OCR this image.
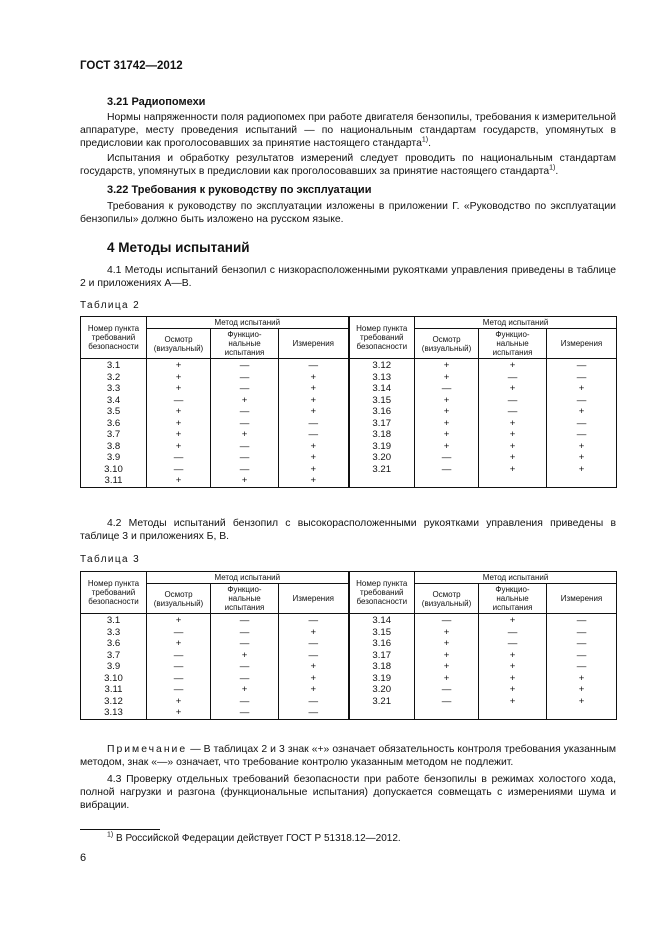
ГОСТ 31742—2012
3.21 Радиопомехи

Нормы напряженности поля радиопомех при работе двигателя бензопилы, требования к измерительной аппаратуре, месту проведения испытаний — по национальным стандартам государств, упомянутых в предисловии как проголосовавших за принятие настоящего стандарта$^{1)}$.

Испытания и обработку результатов измерений следует проводить по национальным стандартам государств, упомянутых в предисловии как проголосовавших за принятие настоящего стандарта$^{1)}$.

3.22 Требования к руководству по эксплуатации

Требования к руководству по эксплуатации изложены в приложении Г. «Руководство по эксплуатации бензопилы» должно быть изложено на русском языке.

4 Методы испытаний

4.1 Методы испытаний бензопил с низкорасположенными рукоятками управления приведены в таблице 2 и приложениях А—В.

Таблица 2
Номер пункта требований безопасности	Метод испытаний			Номер пункта требований безопасности	Метод испытаний		
	Осмотр (визуальный)	Функцио-нальные испытания	Измерения		Осмотр (визуальный)	Функцио-нальные испытания	Измерения
3.1	+	—	—	3.12	+	+	—
3.2	+	—	+	3.13	+	—	—
3.3	+	—	+	3.14	—	+	+
3.4	—	+	+	3.15	+	—	—
3.5	+	—	+	3.16	+	—	+
3.6	+	—	—	3.17	+	+	—
3.7	+	+	—	3.18	+	+	—
3.8	+	—	+	3.19	+	+	+
3.9	—	—	+	3.20	—	+	+
3.10	—	—	+	3.21	—	+	+
3.11	+	+	+				

4.2 Методы испытаний бензопил с высокорасположенными рукоятками управления приведены в таблице 3 и приложениях Б, В.

Таблица 3
Номер пункта требований безопасности	Метод испытаний			Номер пункта требований безопасности	Метод испытаний		
	Осмотр (визуальный)	Функцио-нальные испытания	Измерения		Осмотр (визуальный)	Функцио-нальные испытания	Измерения
3.1	+	—	—	3.14	—	+	—
3.3	—	—	+	3.15	+	—	—
3.6	+	—	—	3.16	+	—	—
3.7	—	+	—	3.17	+	+	—
3.9	—	—	+	3.18	+	+	—
3.10	—	—	+	3.19	+	+	+
3.11	—	+	+	3.20	—	+	+
3.12	+	—	—	3.21	—	+	+
3.13	+	—	—				

Примечание — В таблицах 2 и 3 знак «+» означает обязательность контроля требования указанным методом, знак «—» означает, что требование контролю указанным методом не подлежит.

4.3 Проверку отдельных требований безопасности при работе бензопилы в режимах холостого хода, полной нагрузки и разгона (функциональные испытания) допускается совмещать с измерениями шума и вибрации.

$^{1)}$ В Российской Федерации действует ГОСТ Р 51318.12—2012.
6
